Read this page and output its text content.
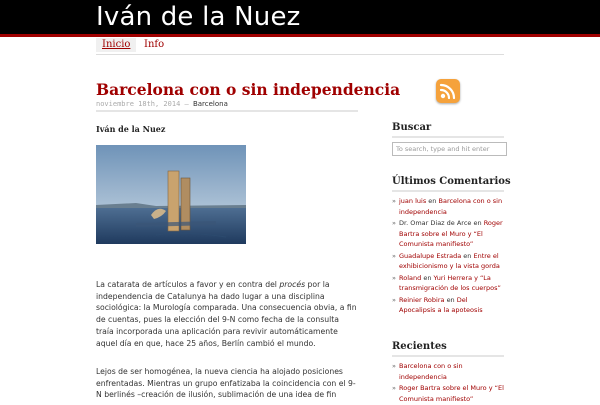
Iván de la Nuez
Inicio	Info
Barcelona con o sin independencia
noviembre 18th, 2014 — Barcelona
Iván de la Nuez
La catarata de artículos a favor y en contra del procés por la independencia de Catalunya ha dado lugar a una disciplina sociológica: la Murología comparada. Una consecuencia obvia, a fin de cuentas, pues la elección del 9-N como fecha de la consulta traía incorporada una aplicación para revivir automáticamente aquel día en que, hace 25 años, Berlín cambió el mundo.
Lejos de ser homogénea, la nueva ciencia ha alojado posiciones enfrentadas. Mientras un grupo enfatizaba la coincidencia con el 9-N berlinés –creación de ilusión, sublimación de una idea de fin
Buscar
To search, type and hit enter
Últimos Comentarios
» juan luis en Barcelona con o sin independencia
» Dr. Omar Diaz de Arce en Roger Bartra sobre el Muro y “El Comunista manifiesto”
» Guadalupe Estrada en Entre el exhibicionismo y la vista gorda
» Roland en Yuri Herrera y “La transmigración de los cuerpos”
» Reinier Robira en Del Apocalipsis a la apoteosis
Recientes
» Barcelona con o sin independencia
» Roger Bartra sobre el Muro y “El Comunista manifiesto”
